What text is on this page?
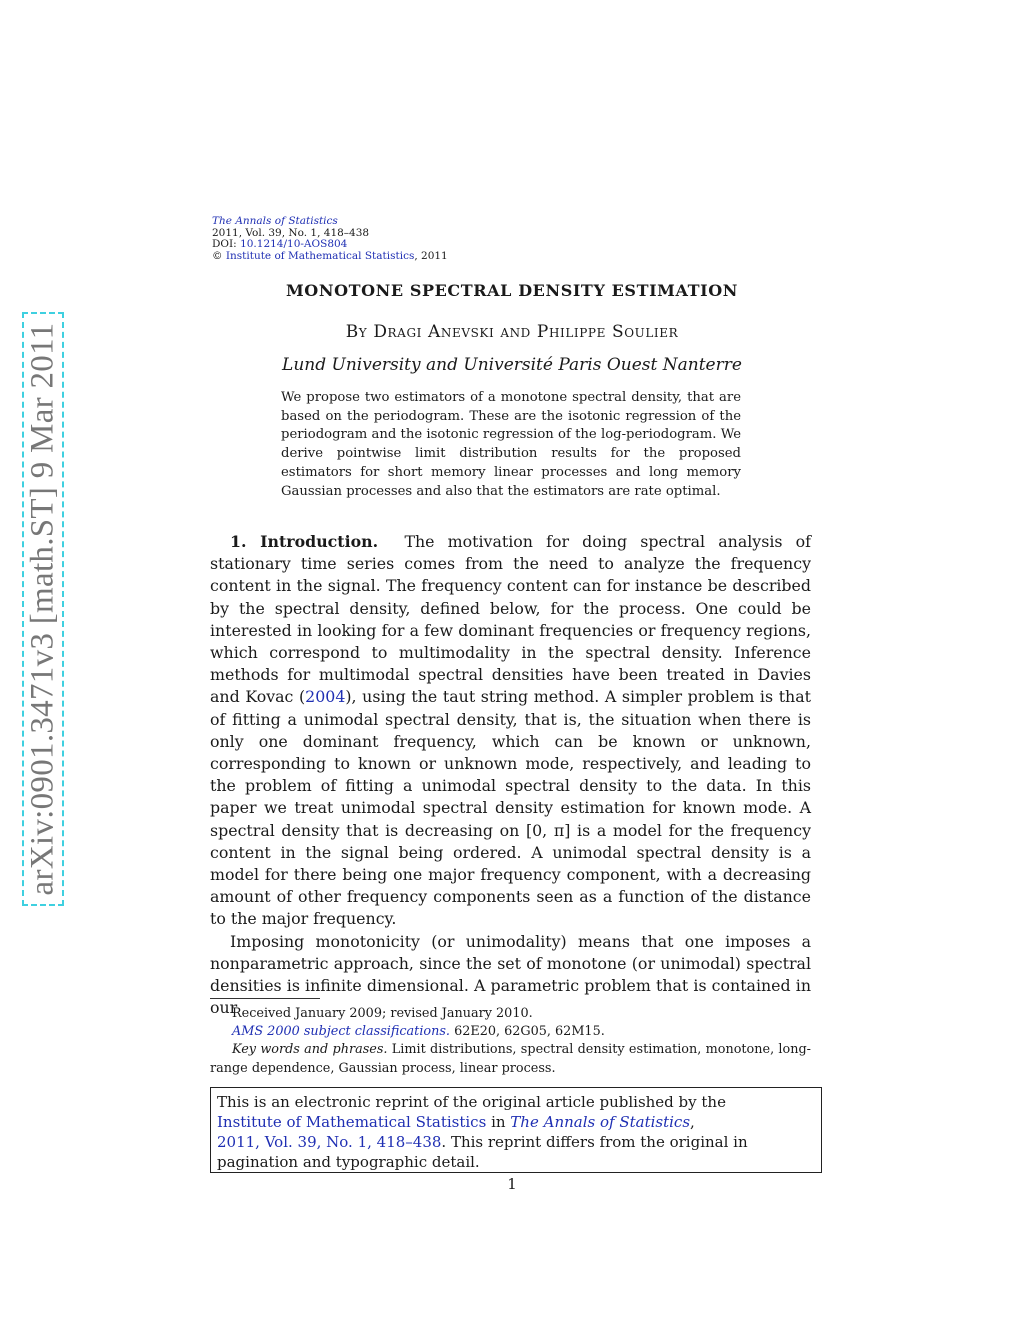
The Annals of Statistics
2011, Vol. 39, No. 1, 418–438
DOI: 10.1214/10-AOS804
© Institute of Mathematical Statistics, 2011
arXiv:0901.3471v3 [math.ST] 9 Mar 2011
MONOTONE SPECTRAL DENSITY ESTIMATION
By Dragi Anevski and Philippe Soulier
Lund University and Université Paris Ouest Nanterre
We propose two estimators of a monotone spectral density, that are based on the periodogram. These are the isotonic regression of the periodogram and the isotonic regression of the log-periodogram. We derive pointwise limit distribution results for the proposed estimators for short memory linear processes and long memory Gaussian processes and also that the estimators are rate optimal.

1. Introduction. The motivation for doing spectral analysis of stationary time series comes from the need to analyze the frequency content in the signal. The frequency content can for instance be described by the spectral density, defined below, for the process. One could be interested in looking for a few dominant frequencies or frequency regions, which correspond to multimodality in the spectral density. Inference methods for multimodal spectral densities have been treated in Davies and Kovac (2004), using the taut string method. A simpler problem is that of fitting a unimodal spectral density, that is, the situation when there is only one dominant frequency, which can be known or unknown, corresponding to known or unknown mode, respectively, and leading to the problem of fitting a unimodal spectral density to the data. In this paper we treat unimodal spectral density estimation for known mode. A spectral density that is decreasing on [0, π] is a model for the frequency content in the signal being ordered. A unimodal spectral density is a model for there being one major frequency component, with a decreasing amount of other frequency components seen as a function of the distance to the major frequency.

Imposing monotonicity (or unimodality) means that one imposes a nonparametric approach, since the set of monotone (or unimodal) spectral densities is infinite dimensional. A parametric problem that is contained in our

Received January 2009; revised January 2010.

AMS 2000 subject classifications. 62E20, 62G05, 62M15.

Key words and phrases. Limit distributions, spectral density estimation, monotone, long-range dependence, Gaussian process, linear process.

This is an electronic reprint of the original article published by the
Institute of Mathematical Statistics in The Annals of Statistics,
2011, Vol. 39, No. 1, 418–438. This reprint differs from the original in pagination and typographic detail.
1
